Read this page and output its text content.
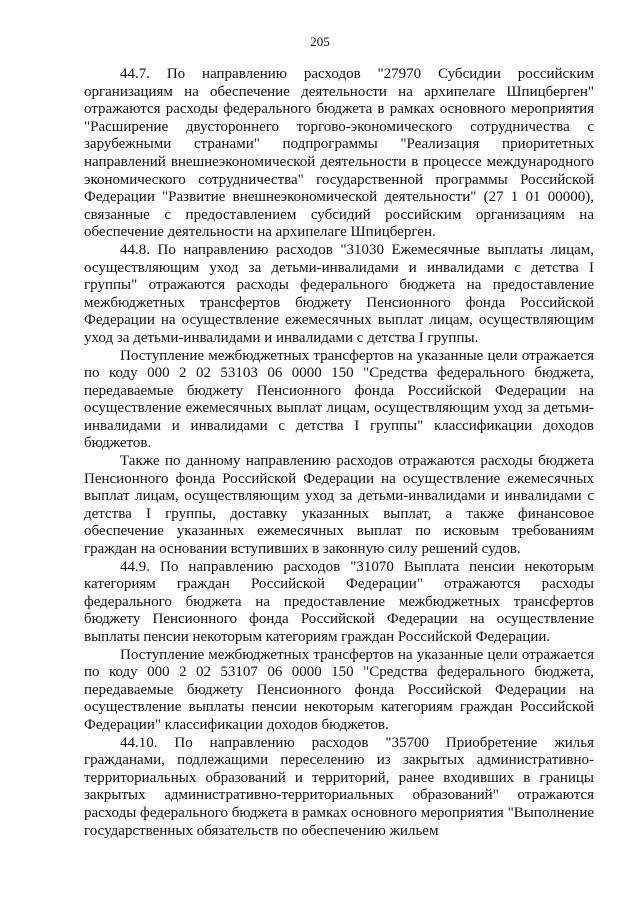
205

44.7. По направлению расходов "27970 Субсидии российским организациям на обеспечение деятельности на архипелаге Шпицберген" отражаются расходы федерального бюджета в рамках основного мероприятия "Расширение двустороннего торгово-экономического сотрудничества с зарубежными странами" подпрограммы "Реализация приоритетных направлений внешнеэкономической деятельности в процессе международного экономического сотрудничества" государственной программы Российской Федерации "Развитие внешнеэкономической деятельности" (27 1 01 00000), связанные с предоставлением субсидий российским организациям на обеспечение деятельности на архипелаге Шпицберген.

44.8. По направлению расходов "31030 Ежемесячные выплаты лицам, осуществляющим уход за детьми-инвалидами и инвалидами с детства I группы" отражаются расходы федерального бюджета на предоставление межбюджетных трансфертов бюджету Пенсионного фонда Российской Федерации на осуществление ежемесячных выплат лицам, осуществляющим уход за детьми-инвалидами и инвалидами с детства I группы.

Поступление межбюджетных трансфертов на указанные цели отражается по коду 000 2 02 53103 06 0000 150 "Средства федерального бюджета, передаваемые бюджету Пенсионного фонда Российской Федерации на осуществление ежемесячных выплат лицам, осуществляющим уход за детьми-инвалидами и инвалидами с детства I группы" классификации доходов бюджетов.

Также по данному направлению расходов отражаются расходы бюджета Пенсионного фонда Российской Федерации на осуществление ежемесячных выплат лицам, осуществляющим уход за детьми-инвалидами и инвалидами с детства I группы, доставку указанных выплат, а также финансовое обеспечение указанных ежемесячных выплат по исковым требованиям граждан на основании вступивших в законную силу решений судов.

44.9. По направлению расходов "31070 Выплата пенсии некоторым категориям граждан Российской Федерации" отражаются расходы федерального бюджета на предоставление межбюджетных трансфертов бюджету Пенсионного фонда Российской Федерации на осуществление выплаты пенсии некоторым категориям граждан Российской Федерации.

Поступление межбюджетных трансфертов на указанные цели отражается по коду 000 2 02 53107 06 0000 150 "Средства федерального бюджета, передаваемые бюджету Пенсионного фонда Российской Федерации на осуществление выплаты пенсии некоторым категориям граждан Российской Федерации" классификации доходов бюджетов.

44.10. По направлению расходов "35700 Приобретение жилья гражданами, подлежащими переселению из закрытых административно-территориальных образований и территорий, ранее входивших в границы закрытых административно-территориальных образований" отражаются расходы федерального бюджета в рамках основного мероприятия "Выполнение государственных обязательств по обеспечению жильем
